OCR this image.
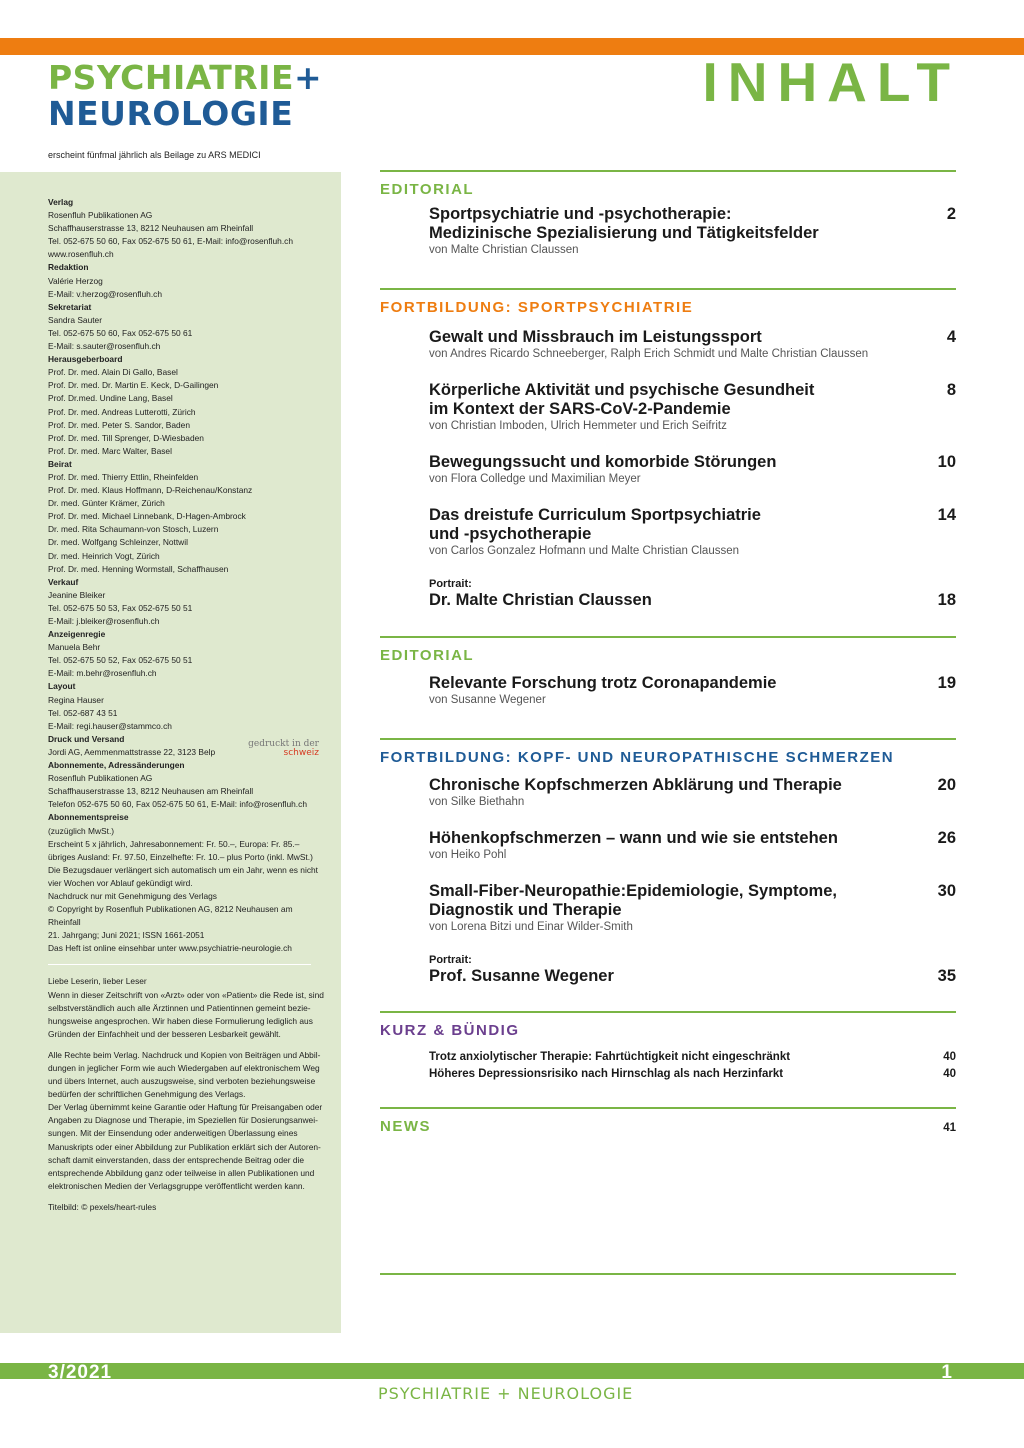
PSYCHIATRIE+
NEUROLOGIE
erscheint fünfmal jährlich als Beilage zu ARS MEDICI
INHALT
Verlag
Rosenfluh Publikationen AG
Schaffhauserstrasse 13, 8212 Neuhausen am Rheinfall
Tel. 052-675 50 60, Fax 052-675 50 61, E-Mail: info@rosenfluh.ch
www.rosenfluh.ch
Redaktion
Valérie Herzog
E-Mail: v.herzog@rosenfluh.ch
Sekretariat
Sandra Sauter
Tel. 052-675 50 60, Fax 052-675 50 61
E-Mail: s.sauter@rosenfluh.ch
Herausgeberboard
Prof. Dr. med. Alain Di Gallo, Basel
Prof. Dr. med. Dr. Martin E. Keck, D-Gailingen
Prof. Dr.med. Undine Lang, Basel
Prof. Dr. med. Andreas Lutterotti, Zürich
Prof. Dr. med. Peter S. Sandor, Baden
Prof. Dr. med. Till Sprenger, D-Wiesbaden
Prof. Dr. med. Marc Walter, Basel
Beirat
Prof. Dr. med. Thierry Ettlin, Rheinfelden
Prof. Dr. med. Klaus Hoffmann, D-Reichenau/Konstanz
Dr. med. Günter Krämer, Zürich
Prof. Dr. med. Michael Linnebank, D-Hagen-Ambrock
Dr. med. Rita Schaumann-von Stosch, Luzern
Dr. med. Wolfgang Schleinzer, Nottwil
Dr. med. Heinrich Vogt, Zürich
Prof. Dr. med. Henning Wormstall, Schaffhausen
Verkauf
Jeanine Bleiker
Tel. 052-675 50 53, Fax 052-675 50 51
E-Mail: j.bleiker@rosenfluh.ch
Anzeigenregie
Manuela Behr
Tel. 052-675 50 52, Fax 052-675 50 51
E-Mail: m.behr@rosenfluh.ch
Layout
Regina Hauser
Tel. 052-687 43 51
E-Mail: regi.hauser@stammco.ch
Druck und Versand
Jordi AG, Aemmenmattstrasse 22, 3123 Belp
gedruckt in der
schweiz
Abonnemente, Adressänderungen
Rosenfluh Publikationen AG
Schaffhauserstrasse 13, 8212 Neuhausen am Rheinfall
Telefon 052-675 50 60, Fax 052-675 50 61, E-Mail: info@rosenfluh.ch
Abonnementspreise
(zuzüglich MwSt.)
Erscheint 5 x jährlich, Jahresabonnement: Fr. 50.–, Europa: Fr. 85.–
übriges Ausland: Fr. 97.50, Einzelhefte: Fr. 10.– plus Porto (inkl. MwSt.)
Die Bezugsdauer verlängert sich automatisch um ein Jahr, wenn es nicht
vier Wochen vor Ablauf gekündigt wird.
Nachdruck nur mit Genehmigung des Verlags
© Copyright by Rosenfluh Publikationen AG, 8212 Neuhausen am Rheinfall
21. Jahrgang; Juni 2021; ISSN 1661-2051
Das Heft ist online einsehbar unter www.psychiatrie-neurologie.ch
Liebe Leserin, lieber Leser
Wenn in dieser Zeitschrift von «Arzt» oder von «Patient» die Rede ist, sind
selbstverständlich auch alle Ärztinnen und Patientinnen gemeint bezie-
hungsweise angesprochen. Wir haben diese Formulierung lediglich aus
Gründen der Einfachheit und der besseren Lesbarkeit gewählt.
Alle Rechte beim Verlag. Nachdruck und Kopien von Beiträgen und Abbil-
dungen in jeglicher Form wie auch Wiedergaben auf elektronischem Weg
und übers Internet, auch auszugsweise, sind verboten beziehungsweise
bedürfen der schriftlichen Genehmigung des Verlags.
Der Verlag übernimmt keine Garantie oder Haftung für Preisangaben oder
Angaben zu Diagnose und Therapie, im Speziellen für Dosierungsanwei-
sungen. Mit der Einsendung oder anderweitigen Überlassung eines
Manuskripts oder einer Abbildung zur Publikation erklärt sich der Autoren-
schaft damit einverstanden, dass der entsprechende Beitrag oder die
entsprechende Abbildung ganz oder teilweise in allen Publikationen und
elektronischen Medien der Verlagsgruppe veröffentlicht werden kann.
Titelbild: © pexels/heart-rules
EDITORIAL
Sportpsychiatrie und -psychotherapie:
Medizinische Spezialisierung und Tätigkeitsfelder
von Malte Christian Claussen
2
FORTBILDUNG: SPORTPSYCHIATRIE
Gewalt und Missbrauch im Leistungssport
von Andres Ricardo Schneeberger, Ralph Erich Schmidt und Malte Christian Claussen
4
Körperliche Aktivität und psychische Gesundheit
im Kontext der SARS-CoV-2-Pandemie
von Christian Imboden, Ulrich Hemmeter und Erich Seifritz
8
Bewegungssucht und komorbide Störungen
von Flora Colledge und Maximilian Meyer
10
Das dreistufe Curriculum Sportpsychiatrie
und -psychotherapie
von Carlos Gonzalez Hofmann und Malte Christian Claussen
14
Portrait:
Dr. Malte Christian Claussen	18
EDITORIAL
Relevante Forschung trotz Coronapandemie
von Susanne Wegener
19
FORTBILDUNG: KOPF- UND NEUROPATHISCHE SCHMERZEN
Chronische Kopfschmerzen Abklärung und Therapie
von Silke Biethahn
20
Höhenkopfschmerzen – wann und wie sie entstehen
von Heiko Pohl
26
Small-Fiber-Neuropathie:Epidemiologie, Symptome,
Diagnostik und Therapie
von Lorena Bitzi und Einar Wilder-Smith
30
Portrait:
Prof. Susanne Wegener	35
KURZ & BÜNDIG
Trotz anxiolytischer Therapie: Fahrtüchtigkeit nicht eingeschränkt	40
Höheres Depressionsrisiko nach Hirnschlag als nach Herzinfarkt	40
NEWS	41
3/2021	1
PSYCHIATRIE + NEUROLOGIE
